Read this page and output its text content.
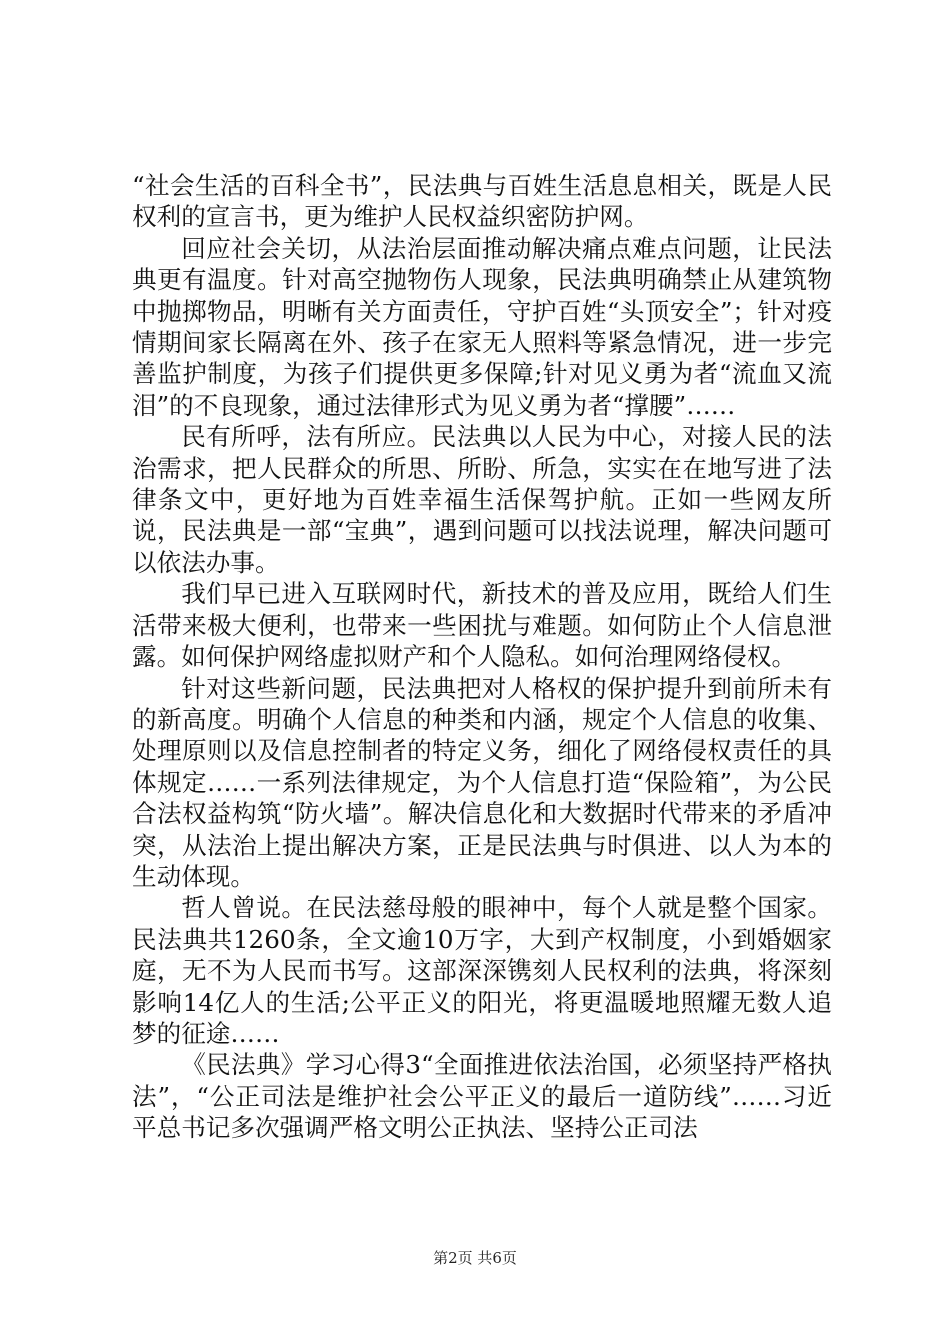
“社会生活的百科全书”，民法典与百姓生活息息相关，既是人民权利的宣言书，更为维护人民权益织密防护网。

回应社会关切，从法治层面推动解决痛点难点问题，让民法典更有温度。针对高空抛物伤人现象，民法典明确禁止从建筑物中抛掷物品，明晰有关方面责任，守护百姓“头顶安全”；针对疫情期间家长隔离在外、孩子在家无人照料等紧急情况，进一步完善监护制度，为孩子们提供更多保障;针对见义勇为者“流血又流泪”的不良现象，通过法律形式为见义勇为者“撑腰”……

民有所呼，法有所应。民法典以人民为中心，对接人民的法治需求，把人民群众的所思、所盼、所急，实实在在地写进了法律条文中，更好地为百姓幸福生活保驾护航。正如一些网友所说，民法典是一部“宝典”，遇到问题可以找法说理，解决问题可以依法办事。

我们早已进入互联网时代，新技术的普及应用，既给人们生活带来极大便利，也带来一些困扰与难题。如何防止个人信息泄露。如何保护网络虚拟财产和个人隐私。如何治理网络侵权。

针对这些新问题，民法典把对人格权的保护提升到前所未有的新高度。明确个人信息的种类和内涵，规定个人信息的收集、处理原则以及信息控制者的特定义务，细化了网络侵权责任的具体规定……一系列法律规定，为个人信息打造“保险箱”，为公民合法权益构筑“防火墙”。解决信息化和大数据时代带来的矛盾冲突，从法治上提出解决方案，正是民法典与时俱进、以人为本的生动体现。

哲人曾说。在民法慈母般的眼神中，每个人就是整个国家。民法典共1260条，全文逾10万字，大到产权制度，小到婚姻家庭，无不为人民而书写。这部深深镌刻人民权利的法典，将深刻影响14亿人的生活;公平正义的阳光，将更温暖地照耀无数人追梦的征途……

《民法典》学习心得3“全面推进依法治国，必须坚持严格执法”，“公正司法是维护社会公平正义的最后一道防线”……习近平总书记多次强调严格文明公正执法、坚持公正司法

第2页 共6页
